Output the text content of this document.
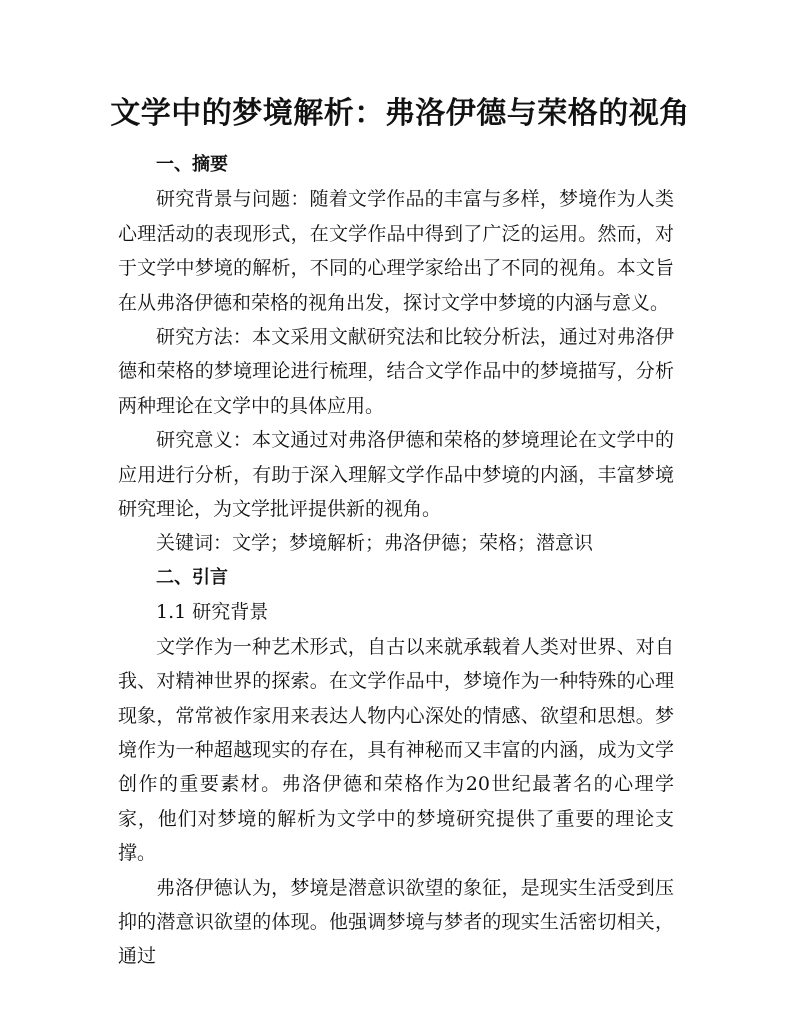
文学中的梦境解析：弗洛伊德与荣格的视角

一、摘要

研究背景与问题：随着文学作品的丰富与多样，梦境作为人类心理活动的表现形式，在文学作品中得到了广泛的运用。然而，对于文学中梦境的解析，不同的心理学家给出了不同的视角。本文旨在从弗洛伊德和荣格的视角出发，探讨文学中梦境的内涵与意义。

研究方法：本文采用文献研究法和比较分析法，通过对弗洛伊德和荣格的梦境理论进行梳理，结合文学作品中的梦境描写，分析两种理论在文学中的具体应用。

研究意义：本文通过对弗洛伊德和荣格的梦境理论在文学中的应用进行分析，有助于深入理解文学作品中梦境的内涵，丰富梦境研究理论，为文学批评提供新的视角。

关键词：文学；梦境解析；弗洛伊德；荣格；潜意识

二、引言

1.1 研究背景

文学作为一种艺术形式，自古以来就承载着人类对世界、对自我、对精神世界的探索。在文学作品中，梦境作为一种特殊的心理现象，常常被作家用来表达人物内心深处的情感、欲望和思想。梦境作为一种超越现实的存在，具有神秘而又丰富的内涵，成为文学创作的重要素材。弗洛伊德和荣格作为20世纪最著名的心理学家，他们对梦境的解析为文学中的梦境研究提供了重要的理论支撑。

弗洛伊德认为，梦境是潜意识欲望的象征，是现实生活受到压抑的潜意识欲望的体现。他强调梦境与梦者的现实生活密切相关，通过
